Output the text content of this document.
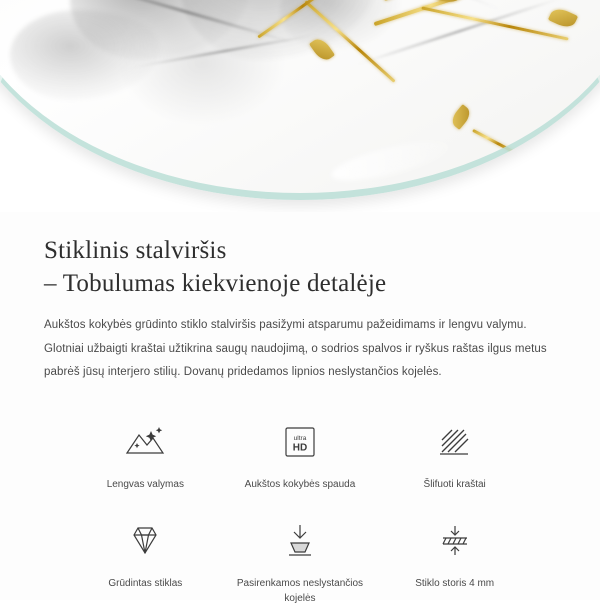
Stiklinis stalviršis
– Tobulumas kiekvienoje detalėje

Aukštos kokybės grūdinto stiklo stalviršis pasižymi atsparumu pažeidimams ir lengvu valymu. Glotniai užbaigti kraštai užtikrina saugų naudojimą, o sodrios spalvos ir ryškus raštas ilgus metus pabrėš jūsų interjero stilių. Dovanų pridedamos lipnios neslystančios kojelės.

Lengvas valymas
ultra
HD
Aukštos kokybės spauda	Šlifuoti kraštai
Grūdintas stiklas	Pasirenkamos neslystančios kojelės
Stiklo storis 4 mm
